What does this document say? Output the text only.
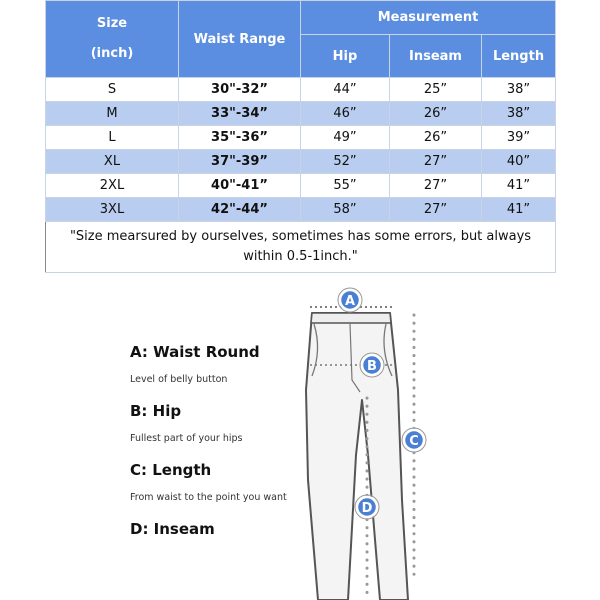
Size
(inch)	Waist Range	Measurement		
		Hip	Inseam	Length
S	30"-32”	44”	25”	38”
M	33"-34”	46”	26”	38”
L	35"-36”	49”	26”	39”
XL	37"-39”	52”	27”	40”
2XL	40"-41”	55”	27”	41”
3XL	42"-44”	58”	27”	41”
"Size mearsured by ourselves, sometimes has some errors, but always within 0.5-1inch."				

A: Waist Round

Level of belly button

B: Hip

Fullest part of your hips

C: Length

From waist to the point you want

D: Inseam

A
B
C
D
